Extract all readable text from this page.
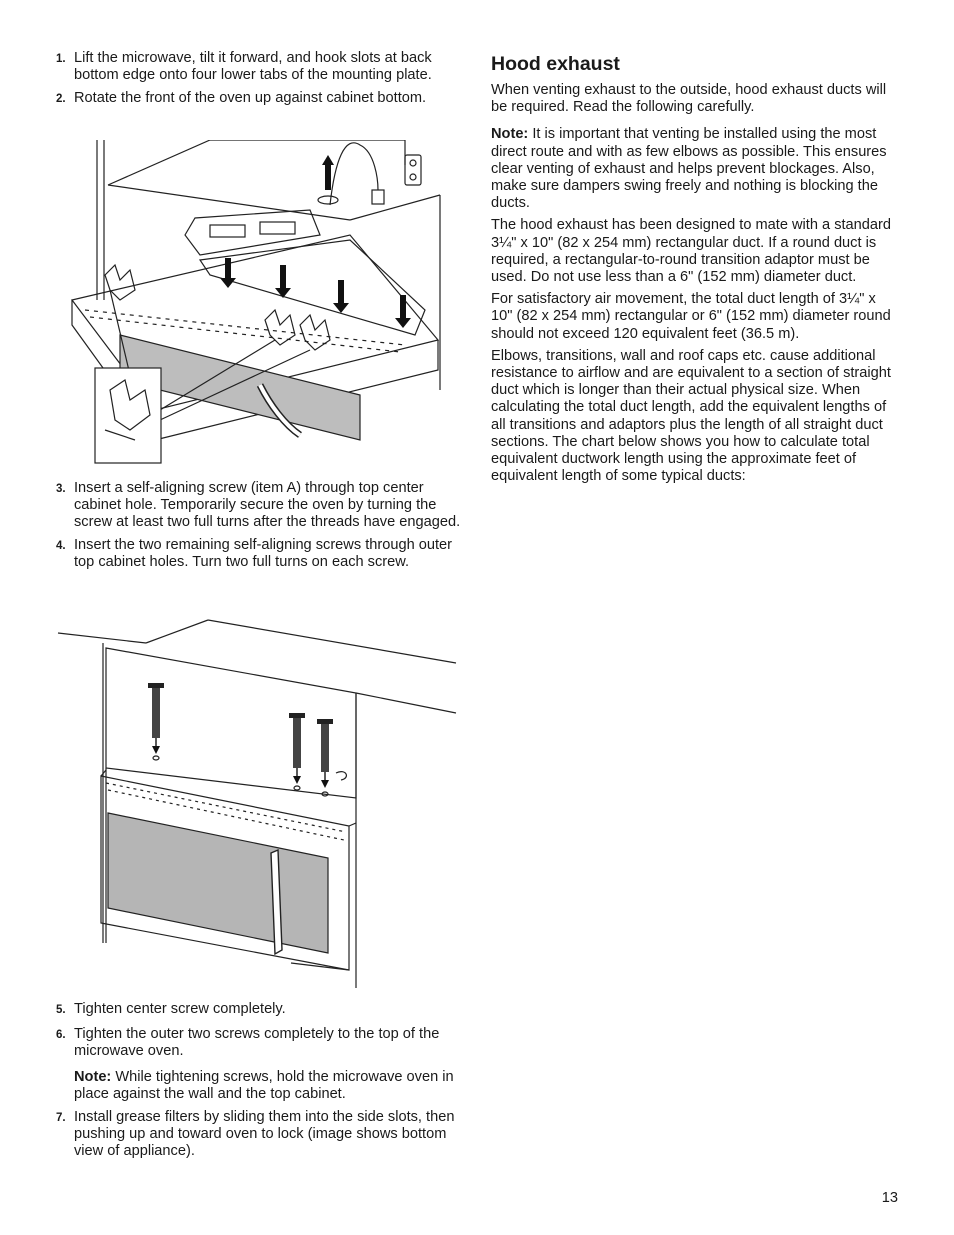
1. Lift the microwave, tilt it forward, and hook slots at back bottom edge onto four lower tabs of the mounting plate.
2. Rotate the front of the oven up against cabinet bottom.
3. Insert a self-aligning screw (item A) through top center cabinet hole. Temporarily secure the oven by turning the screw at least two full turns after the threads have engaged.
4. Insert the two remaining self-aligning screws through outer top cabinet holes. Turn two full turns on each screw.
5. Tighten center screw completely.
6. Tighten the outer two screws completely to the top of the microwave oven.
Note: While tightening screws, hold the microwave oven in place against the wall and the top cabinet.
7. Install grease filters by sliding them into the side slots, then pushing up and toward oven to lock (image shows bottom view of appliance).
Hood exhaust

When venting exhaust to the outside, hood exhaust ducts will be required. Read the following carefully.

Note: It is important that venting be installed using the most direct route and with as few elbows as possible. This ensures clear venting of exhaust and helps prevent blockages. Also, make sure dampers swing freely and nothing is blocking the ducts.

The hood exhaust has been designed to mate with a standard 3¼" x 10" (82 x 254 mm) rectangular duct. If a round duct is required, a rectangular-to-round transition adaptor must be used. Do not use less than a 6" (152 mm) diameter duct.

For satisfactory air movement, the total duct length of 3¼" x 10" (82 x 254 mm) rectangular or 6" (152 mm) diameter round should not exceed 120 equivalent feet (36.5 m).

Elbows, transitions, wall and roof caps etc. cause additional resistance to airflow and are equivalent to a section of straight duct which is longer than their actual physical size. When calculating the total duct length, add the equivalent lengths of all transitions and adaptors plus the length of all straight duct sections. The chart below shows you how to calculate total equivalent ductwork length using the approximate feet of equivalent length of some typical ducts:

13
